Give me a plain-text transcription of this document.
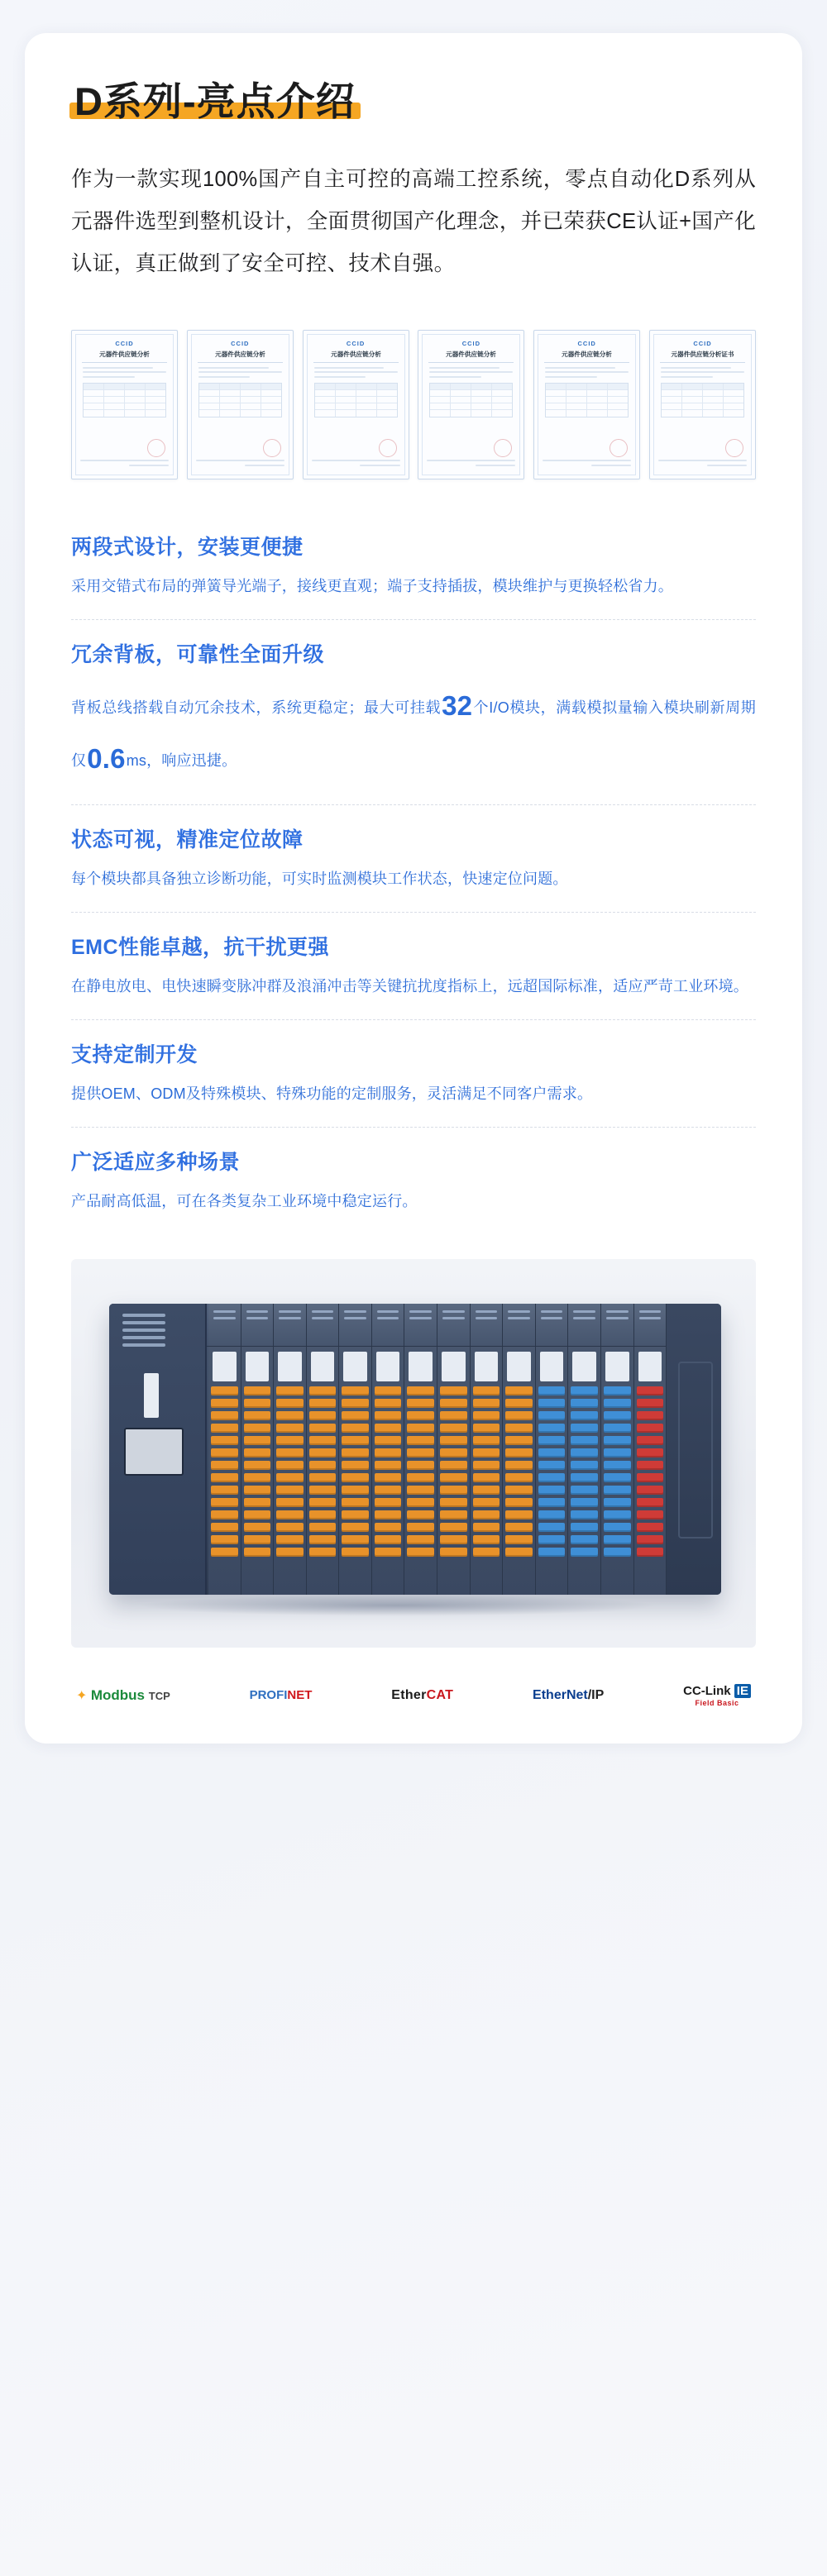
D系列-亮点介绍
作为一款实现100%国产自主可控的高端工控系统，零点自动化D系列从元器件选型到整机设计，全面贯彻国产化理念，并已荣获CE认证+国产化认证，真正做到了安全可控、技术自强。
CCID
元器件供应链分析
CCID
元器件供应链分析
CCID
元器件供应链分析
CCID
元器件供应链分析
CCID
元器件供应链分析
CCID
元器件供应链分析证书
两段式设计，安装更便捷
采用交错式布局的弹簧导光端子，接线更直观；端子支持插拔，模块维护与更换轻松省力。
冗余背板，可靠性全面升级
背板总线搭载自动冗余技术，系统更稳定；最大可挂载32个I/O模块，满载模拟量输入模块刷新周期仅0.6ms，响应迅捷。
状态可视，精准定位故障
每个模块都具备独立诊断功能，可实时监测模块工作状态，快速定位问题。
EMC性能卓越，抗干扰更强
在静电放电、电快速瞬变脉冲群及浪涌冲击等关键抗扰度指标上，远超国际标准，适应严苛工业环境。
支持定制开发
提供OEM、ODM及特殊模块、特殊功能的定制服务，灵活满足不同客户需求。
广泛适应多种场景
产品耐高低温，可在各类复杂工业环境中稳定运行。
✦ Modbus TCP	PROFINET	EtherCAT	EtherNet/IP	CC-Link IE
Field Basic
